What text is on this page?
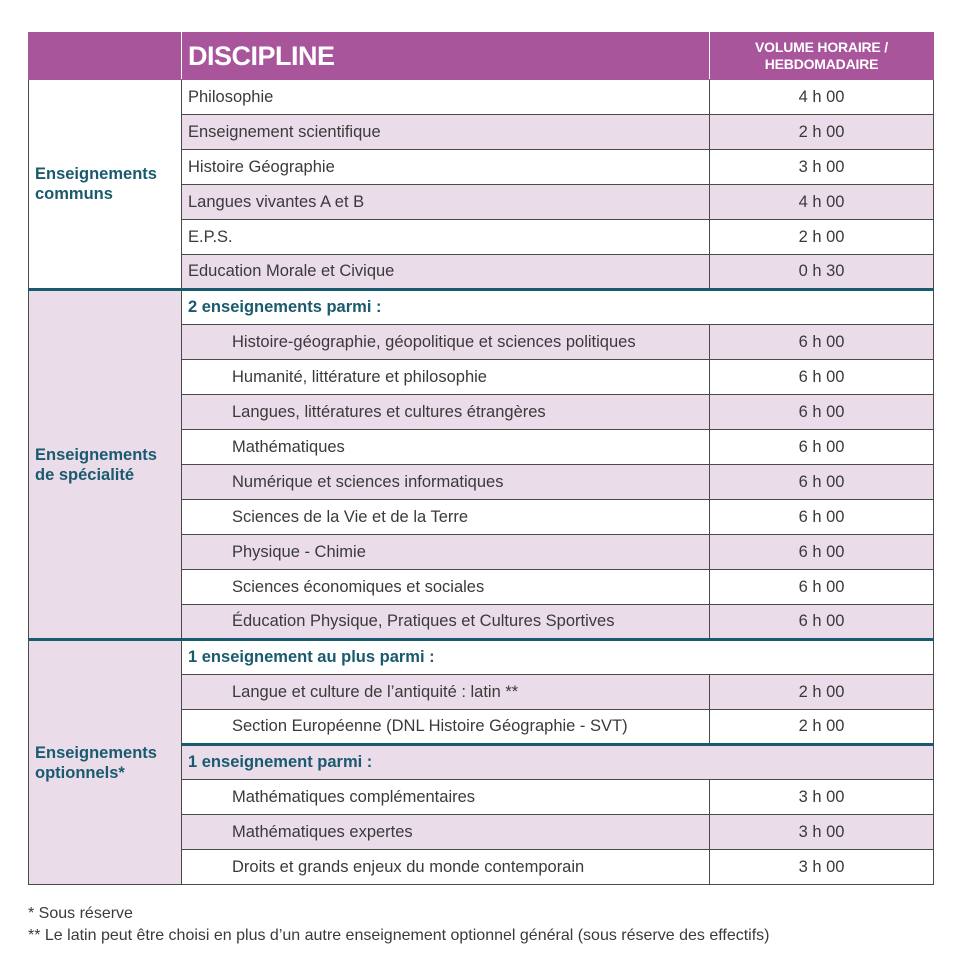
	DISCIPLINE	VOLUME HORAIRE /
HEBDOMADAIRE
Enseignements
communs	Philosophie	4 h 00
	Enseignement scientifique	2 h 00
	Histoire Géographie	3 h 00
	Langues vivantes A et B	4 h 00
	E.P.S.	2 h 00
	Education Morale et Civique	0 h 30
Enseignements
de spécialité	2 enseignements parmi :	
	Histoire-géographie, géopolitique et sciences politiques	6 h 00
	Humanité, littérature et philosophie	6 h 00
	Langues, littératures et cultures étrangères	6 h 00
	Mathématiques	6 h 00
	Numérique et sciences informatiques	6 h 00
	Sciences de la Vie et de la Terre	6 h 00
	Physique - Chimie	6 h 00
	Sciences économiques et sociales	6 h 00
	Éducation Physique, Pratiques et Cultures Sportives	6 h 00
Enseignements
optionnels*	1 enseignement au plus parmi :	
	Langue et culture de l’antiquité : latin **	2 h 00
	Section Européenne (DNL Histoire Géographie - SVT)	2 h 00
	1 enseignement parmi :	
	Mathématiques complémentaires	3 h 00
	Mathématiques expertes	3 h 00
	Droits et grands enjeux du monde contemporain	3 h 00
* Sous réserve
** Le latin peut être choisi en plus d’un autre enseignement optionnel général (sous réserve des effectifs)
